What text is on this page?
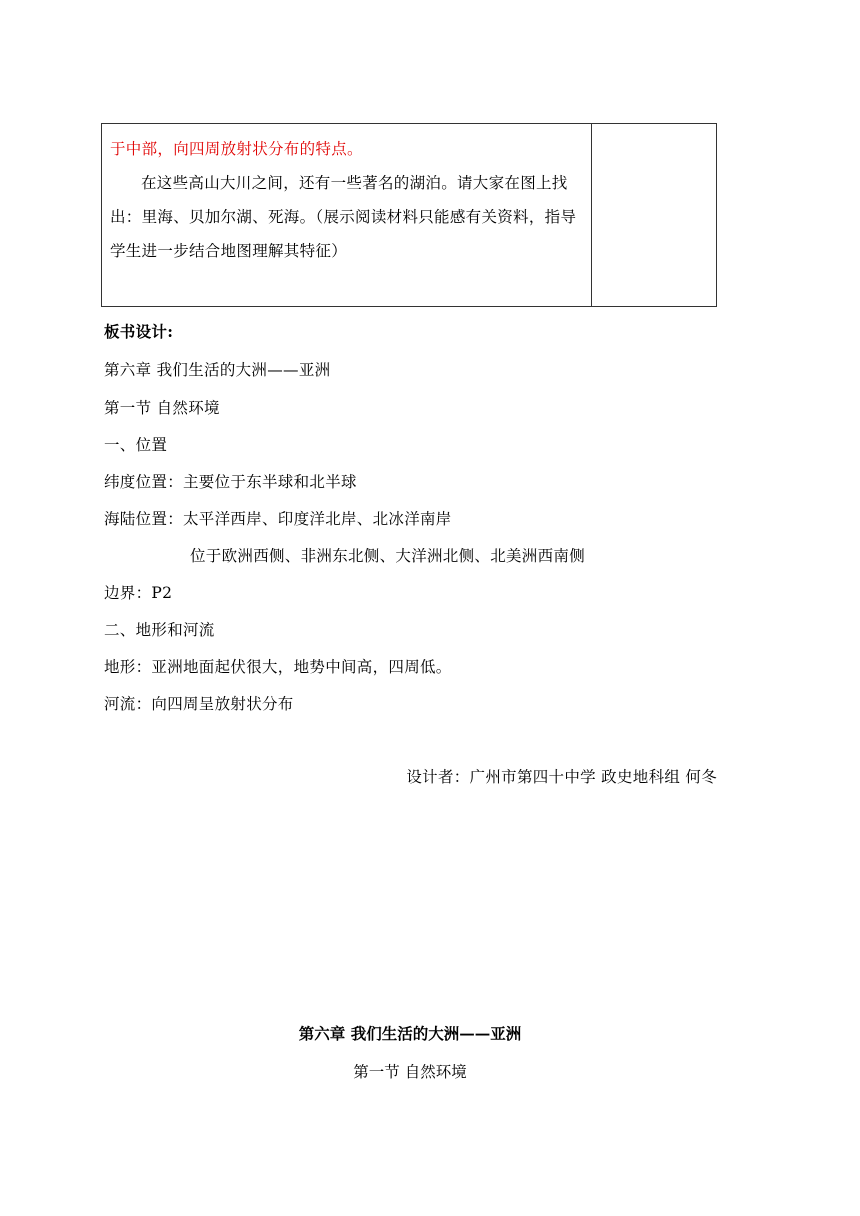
于中部，向四周放射状分布的特点。
在这些高山大川之间，还有一些著名的湖泊。请大家在图上找出：里海、贝加尔湖、死海。（展示阅读材料只能感有关资料，指导学生进一步结合地图理解其特征）
板书设计:
第六章 我们生活的大洲——亚洲
第一节 自然环境
一、位置
纬度位置：主要位于东半球和北半球
海陆位置：太平洋西岸、印度洋北岸、北冰洋南岸
位于欧洲西侧、非洲东北侧、大洋洲北侧、北美洲西南侧
边界：P2
二、地形和河流
地形：亚洲地面起伏很大，地势中间高，四周低。
河流：向四周呈放射状分布
设计者：广州市第四十中学 政史地科组 何冬
第六章 我们生活的大洲——亚洲
第一节 自然环境
